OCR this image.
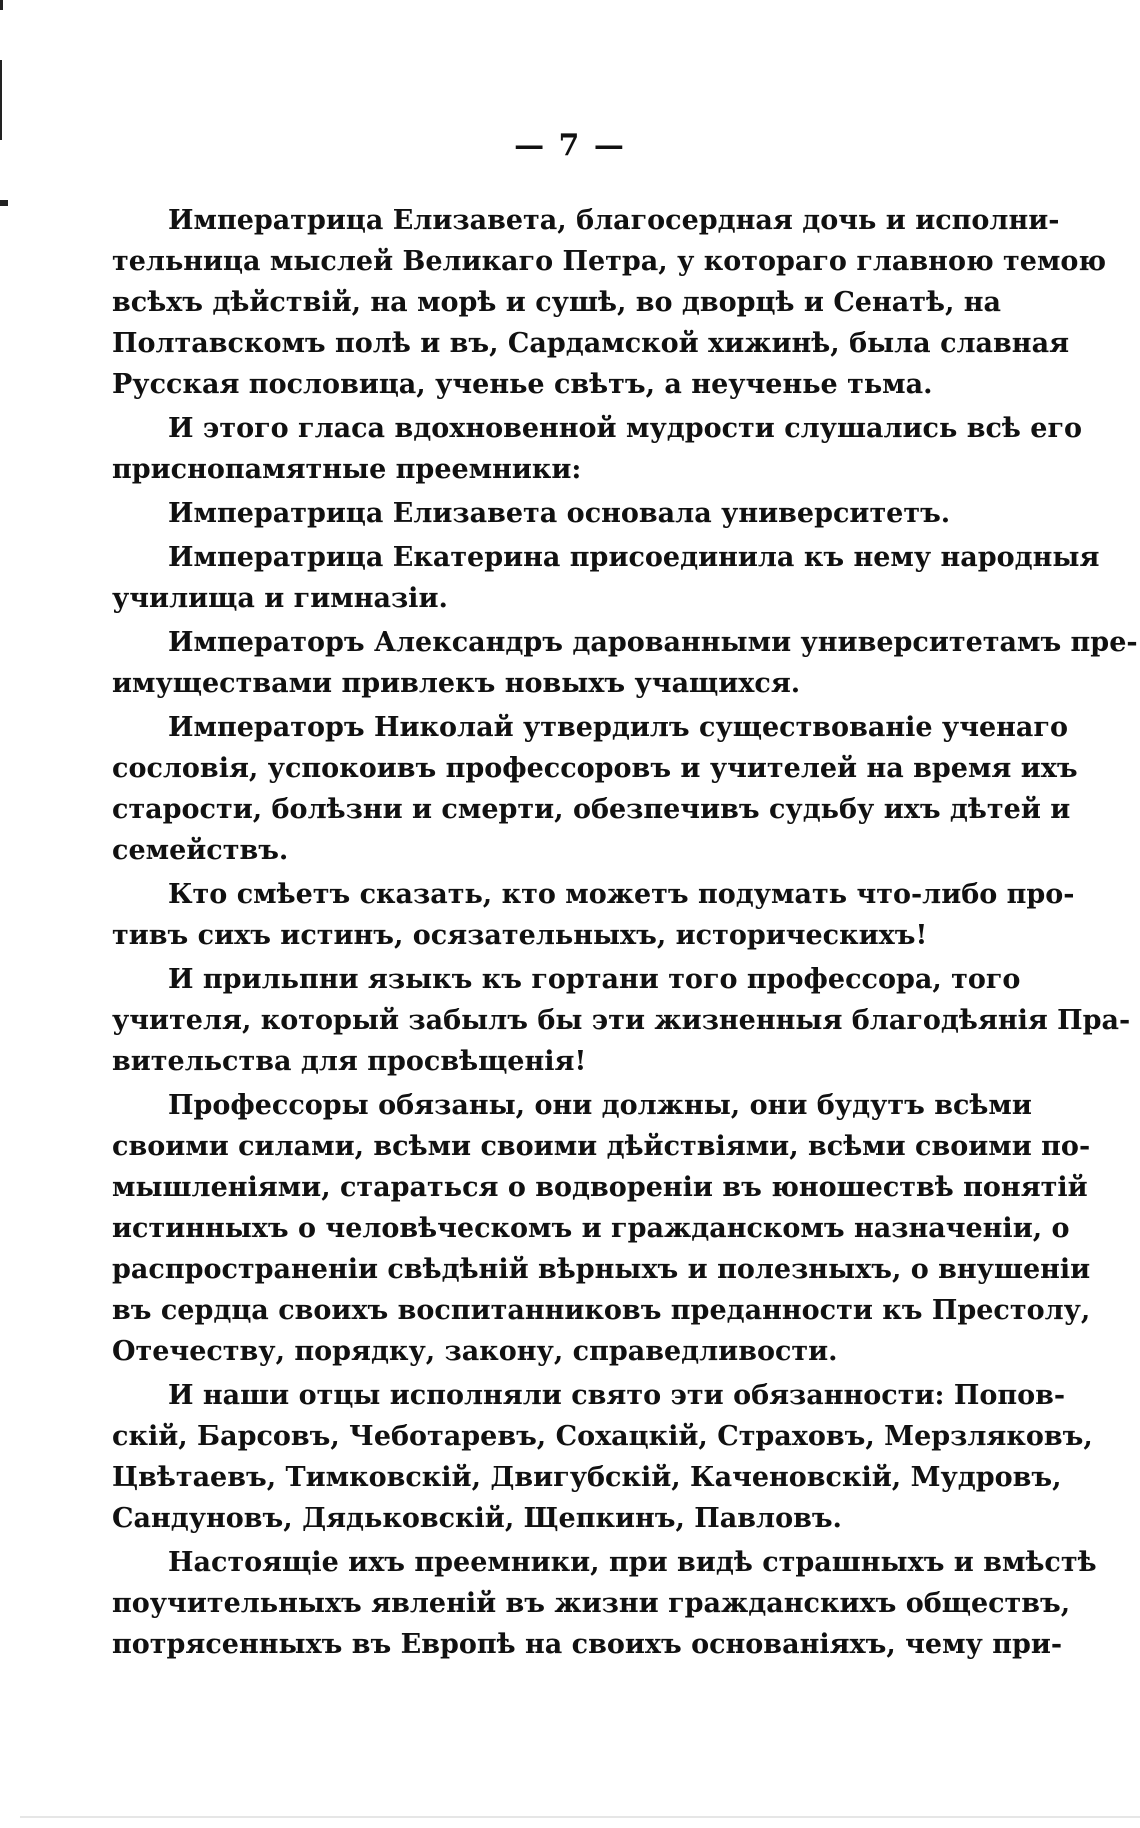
— 7 —
Императрица Елизавета, благосердная дочь и исполни-
тельница мыслей Великаго Петра, у котораго главною темою
всѣхъ дѣйствій, на морѣ и сушѣ, во дворцѣ и Сенатѣ, на
Полтавскомъ полѣ и въ, Сардамской хижинѣ, была славная
Русская пословица, ученье свѣтъ, а неученье тьма.
И этого гласа вдохновенной мудрости слушались всѣ его
приснопамятные преемники:
Императрица Елизавета основала университетъ.
Императрица Екатерина присоединила къ нему народныя
училища и гимназіи.
Императоръ Александръ дарованными университетамъ пре-
имуществами привлекъ новыхъ учащихся.
Императоръ Николай утвердилъ существованіе ученаго
сословія, успокоивъ профессоровъ и учителей на время ихъ
старости, болѣзни и смерти, обезпечивъ судьбу ихъ дѣтей и
семействъ.
Кто смѣетъ сказать, кто можетъ подумать что-либо про-
тивъ сихъ истинъ, осязательныхъ, историческихъ!
И прильпни языкъ къ гортани того профессора, того
учителя, который забылъ бы эти жизненныя благодѣянія Пра-
вительства для просвѣщенія!
Профессоры обязаны, они должны, они будутъ всѣми
своими силами, всѣми своими дѣйствіями, всѣми своими по-
мышленіями, стараться о водвореніи въ юношествѣ понятій
истинныхъ о человѣческомъ и гражданскомъ назначеніи, о
распространеніи свѣдѣній вѣрныхъ и полезныхъ, о внушеніи
въ сердца своихъ воспитанниковъ преданности къ Престолу,
Отечеству, порядку, закону, справедливости.
И наши отцы исполняли свято эти обязанности: Попов-
скій, Барсовъ, Чеботаревъ, Сохацкій, Страховъ, Мерзляковъ,
Цвѣтаевъ, Тимковскій, Двигубскій, Каченовскій, Мудровъ,
Сандуновъ, Дядьковскій, Щепкинъ, Павловъ.
Настоящіе ихъ преемники, при видѣ страшныхъ и вмѣстѣ
поучительныхъ явленій въ жизни гражданскихъ обществъ,
потрясенныхъ въ Европѣ на своихъ основаніяхъ, чему при-
